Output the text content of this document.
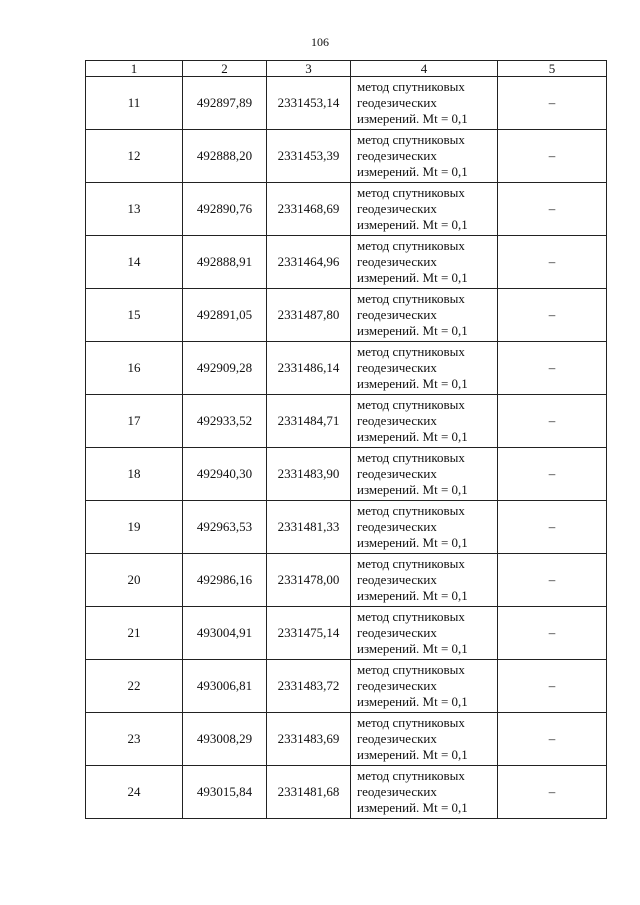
106
1	2	3	4	5
11	492897,89	2331453,14	метод спутниковых
геодезических
измерений. Mt = 0,1	–
12	492888,20	2331453,39	метод спутниковых
геодезических
измерений. Mt = 0,1	–
13	492890,76	2331468,69	метод спутниковых
геодезических
измерений. Mt = 0,1	–
14	492888,91	2331464,96	метод спутниковых
геодезических
измерений. Mt = 0,1	–
15	492891,05	2331487,80	метод спутниковых
геодезических
измерений. Mt = 0,1	–
16	492909,28	2331486,14	метод спутниковых
геодезических
измерений. Mt = 0,1	–
17	492933,52	2331484,71	метод спутниковых
геодезических
измерений. Mt = 0,1	–
18	492940,30	2331483,90	метод спутниковых
геодезических
измерений. Mt = 0,1	–
19	492963,53	2331481,33	метод спутниковых
геодезических
измерений. Mt = 0,1	–
20	492986,16	2331478,00	метод спутниковых
геодезических
измерений. Mt = 0,1	–
21	493004,91	2331475,14	метод спутниковых
геодезических
измерений. Mt = 0,1	–
22	493006,81	2331483,72	метод спутниковых
геодезических
измерений. Mt = 0,1	–
23	493008,29	2331483,69	метод спутниковых
геодезических
измерений. Mt = 0,1	–
24	493015,84	2331481,68	метод спутниковых
геодезических
измерений. Mt = 0,1	–
